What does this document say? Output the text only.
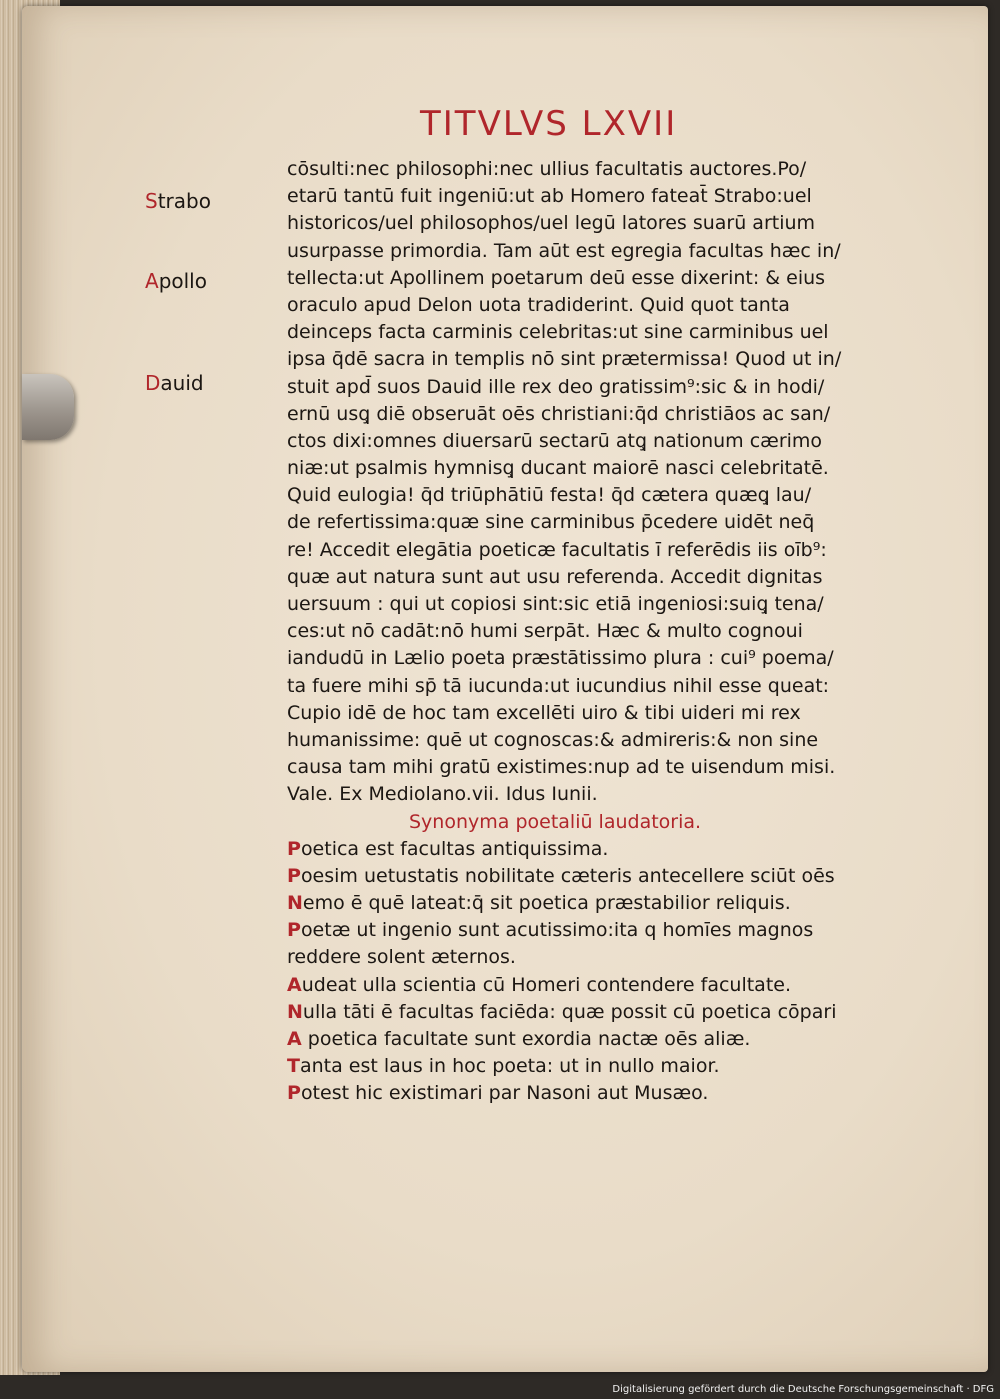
TITVLVS LXVII
Strabo
Apollo
Dauid
cōsulti:nec philosophi:nec ullius facultatis auctores.Po/
etarū tantū fuit ingeniū:ut ab Homero fateat̄ Strabo:uel
historicos/uel philosophos/uel legū latores suarū artium
usurpasse primordia. Tam aūt est egregia facultas hæc in/
tellecta:ut Apollinem poetarum deū esse dixerint: & eius
oraculo apud Delon uota tradiderint. Quid quot tanta
deinceps facta carminis celebritas:ut sine carminibus uel
ipsa q̄dē sacra in templis nō sint prætermissa! Quod ut in/
stuit apd̄ suos Dauid ille rex deo gratissim⁹:sic & in hodi/
ernū usq̧ diē obseruāt oēs christiani:q̄d christiāos ac san/
ctos dixi:omnes diuersarū sectarū atq̧ nationum cærimo
niæ:ut psalmis hymnisq̧ ducant maiorē nasci celebritatē.
Quid eulogia! q̄d triūphātiū festa! q̄d cætera quæq̧ lau/
de refertissima:quæ sine carminibus p̄cedere uidēt neq̄
re! Accedit elegātia poeticæ facultatis ī referēdis iis oīb⁹:
quæ aut natura sunt aut usu referenda. Accedit dignitas
uersuum : qui ut copiosi sint:sic etiā ingeniosi:suiq̧ tena/
ces:ut nō cadāt:nō humi serpāt. Hæc & multo cognoui
iandudū in Lælio poeta præstātissimo plura : cui⁹ poema/
ta fuere mihi sp̄ tā iucunda:ut iucundius nihil esse queat:
Cupio idē de hoc tam excellēti uiro & tibi uideri mi rex
humanissime: quē ut cognoscas:& admireris:& non sine
causa tam mihi gratū existimes:nup ad te uisendum misi.
Vale. Ex Mediolano.vii. Idus Iunii.
Synonyma poetaliū laudatoria.
Poetica est facultas antiquissima.
Poesim uetustatis nobilitate cæteris antecellere sciūt oēs
Nemo ē quē lateat:q̄ sit poetica præstabilior reliquis.
Poetæ ut ingenio sunt acutissimo:ita q homīes magnos
reddere solent æternos.
Audeat ulla scientia cū Homeri contendere facultate.
Nulla tāti ē facultas faciēda: quæ possit cū poetica cōpari
A poetica facultate sunt exordia nactæ oēs aliæ.
Tanta est laus in hoc poeta: ut in nullo maior.
Potest hic existimari par Nasoni aut Musæo.
Digitalisierung gefördert durch die Deutsche Forschungsgemeinschaft · DFG
